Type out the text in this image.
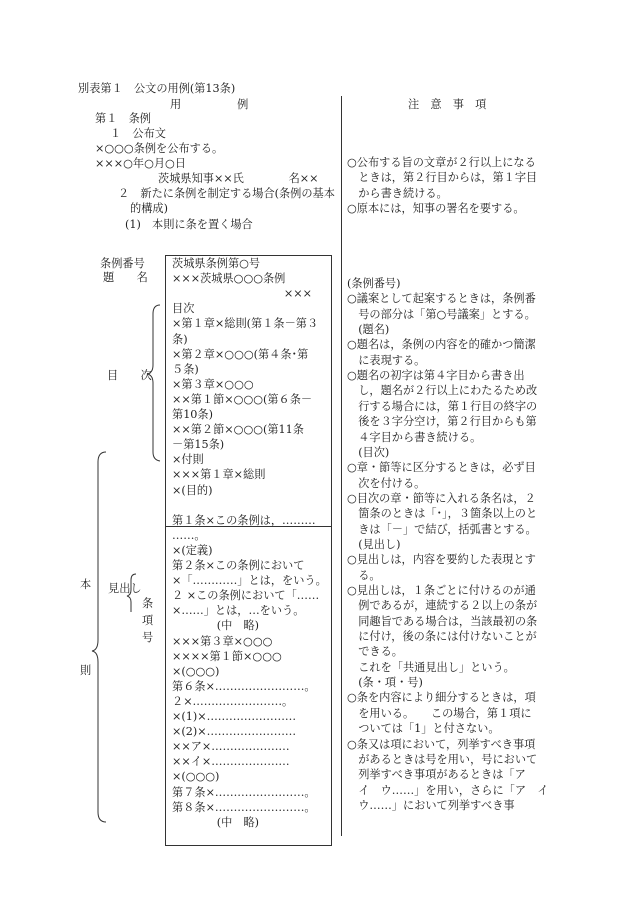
別表第１　公文の用例(第13条)
用　　　　　例	注　意　事　項
第１　条例
１　公布文
×○○○条例を公布する。
×××○年○月○日
茨城県知事××氏　　　　名××
２　新たに条例を制定する場合(条例の基本
的構成)
(1)　本則に条を置く場合
条例番号
題　　名
目　　次
本
則
見出し
条
項
号
茨城県条例第○号
×××茨城県○○○条例
　　　　　　　　　　×××
目次
×第１章×総則(第１条－第３
条)
×第２章×○○○(第４条･第
５条)
×第３章×○○○
××第１節×○○○(第６条－
第10条)
××第２節×○○○(第11条
－第15条)
×付則
×××第１章×総則
×(目的)
第１条×この条例は，………
……。
×(定義)
第２条×この条例において
×「…………」とは，をいう。
２ ×この条例において「……
×……」とは，…をいう。
　　　　(中　略)
×××第３章×○○○
××××第１節×○○○
×(○○○)
第６条×……………………。
２×……………………。
×(1)×……………………
×(2)×……………………
××ア×…………………
××イ×…………………
×(○○○)
第７条×……………………。
第８条×……………………。
　　　　(中　略)
○公布する旨の文章が２行以上になる
　ときは，第２行目からは，第１字目
　から書き続ける。
○原本には，知事の署名を要する。
(条例番号)
○議案として起案するときは，条例番
　号の部分は「第○号議案」とする。
　(題名)
○題名は，条例の内容を的確かつ簡潔
　に表現する。
○題名の初字は第４字目から書き出
　し，題名が２行以上にわたるため改
　行する場合には，第１行目の終字の
　後を３字分空け，第２行目からも第
　４字目から書き続ける。
　(目次)
○章・節等に区分するときは，必ず目
　次を付ける。
○目次の章・節等に入れる条名は，２
　箇条のときは「･」，３箇条以上のと
　きは「－」で結び，括弧書とする。
　(見出し)
○見出しは，内容を要約した表現とす
　る。
○見出しは，１条ごとに付けるのが通
　例であるが，連続する２以上の条が
　同趣旨である場合は，当該最初の条
　に付け，後の条には付けないことが
　できる。
　これを「共通見出し」という。
　(条・項・号)
○条を内容により細分するときは，項
　を用いる。　　この場合，第１項に
　ついては「1」と付さない。
○条又は項において，列挙すべき事項
　があるときは号を用い，号において
　列挙すべき事項があるときは「ア　
　イ　ウ……」を用い，さらに「ア　イ
　ウ……」において列挙すべき事
